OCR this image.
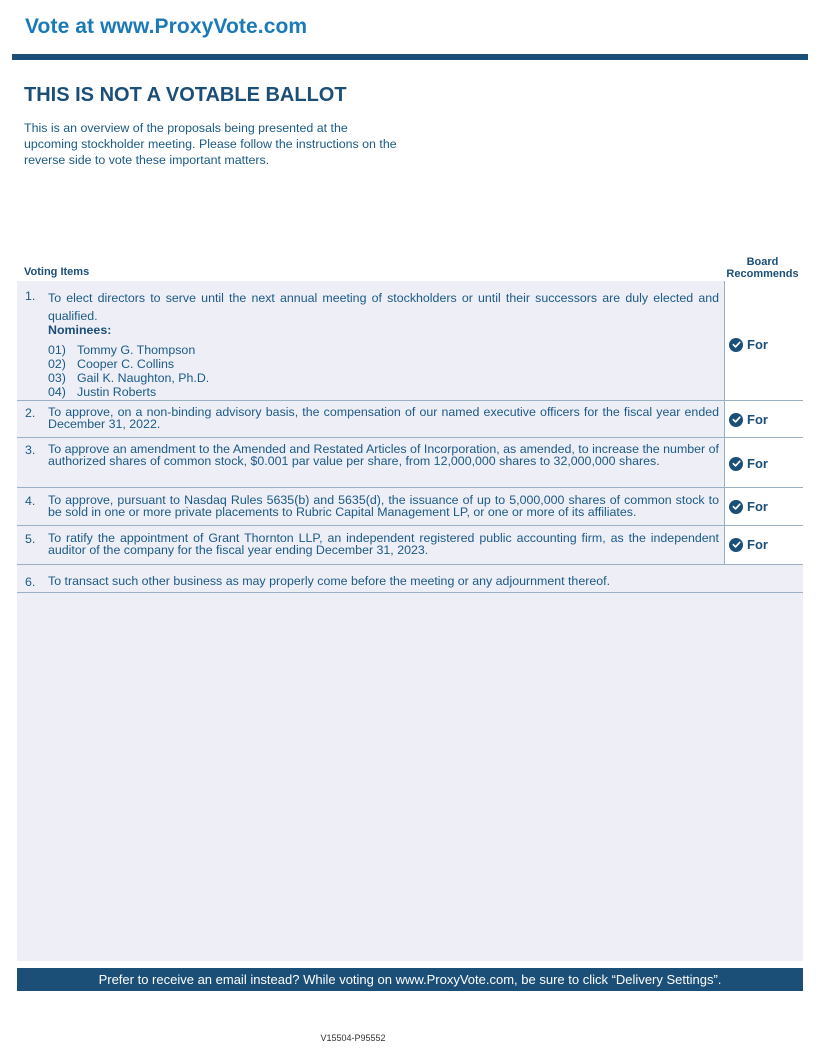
Vote at www.ProxyVote.com
THIS IS NOT A VOTABLE BALLOT
This is an overview of the proposals being presented at the upcoming stockholder meeting. Please follow the instructions on the reverse side to vote these important matters.
Voting Items
Board Recommends
1. To elect directors to serve until the next annual meeting of stockholders or until their successors are duly elected and qualified.
Nominees:
01) Tommy G. Thompson
02) Cooper C. Collins
03) Gail K. Naughton, Ph.D.
04) Justin Roberts
For
2. To approve, on a non-binding advisory basis, the compensation of our named executive officers for the fiscal year ended December 31, 2022.	For
3. To approve an amendment to the Amended and Restated Articles of Incorporation, as amended, to increase the number of authorized shares of common stock, $0.001 par value per share, from 12,000,000 shares to 32,000,000 shares.	For
4. To approve, pursuant to Nasdaq Rules 5635(b) and 5635(d), the issuance of up to 5,000,000 shares of common stock to be sold in one or more private placements to Rubric Capital Management LP, or one or more of its affiliates.	For
5. To ratify the appointment of Grant Thornton LLP, an independent registered public accounting firm, as the independent auditor of the company for the fiscal year ending December 31, 2023.	For
6. To transact such other business as may properly come before the meeting or any adjournment thereof.
Prefer to receive an email instead? While voting on www.ProxyVote.com, be sure to click “Delivery Settings”.
V15504-P95552
